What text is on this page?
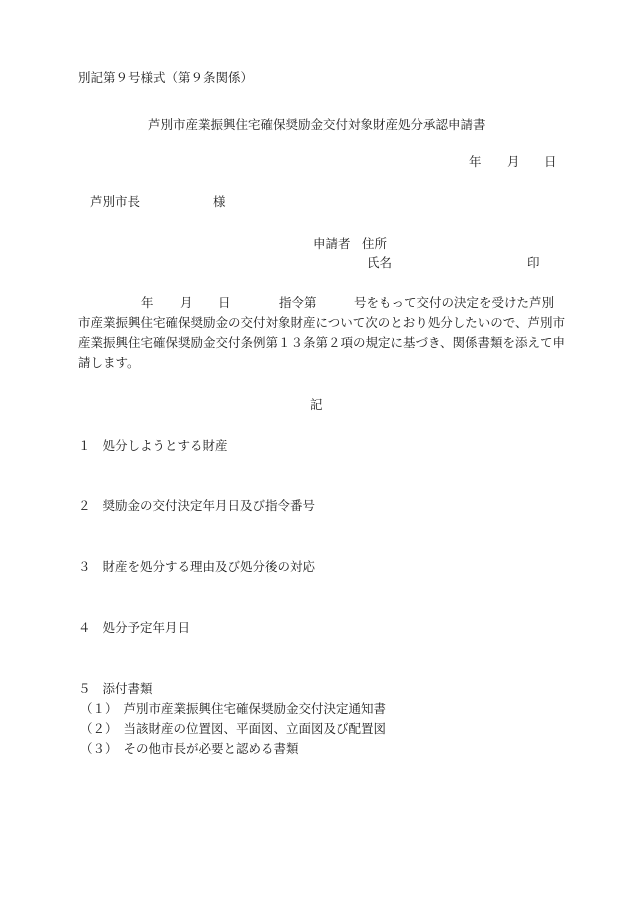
別記第９号様式（第９条関係）
芦別市産業振興住宅確保奨励金交付対象財産処分承認申請書
年 月 日
芦別市長	様
申請者 住所
氏名	印
年 月 日	指令第　　　号をもって交付の決定を受けた芦別
市産業振興住宅確保奨励金の交付対象財産について次のとおり処分したいので、芦別市
産業振興住宅確保奨励金交付条例第１３条第２項の規定に基づき、関係書類を添えて申
請します。
記
１ 処分しようとする財産
２ 奨励金の交付決定年月日及び指令番号
３ 財産を処分する理由及び処分後の対応
４ 処分予定年月日
５ 添付書類
（１） 芦別市産業振興住宅確保奨励金交付決定通知書
（２） 当該財産の位置図、平面図、立面図及び配置図
（３） その他市長が必要と認める書類
